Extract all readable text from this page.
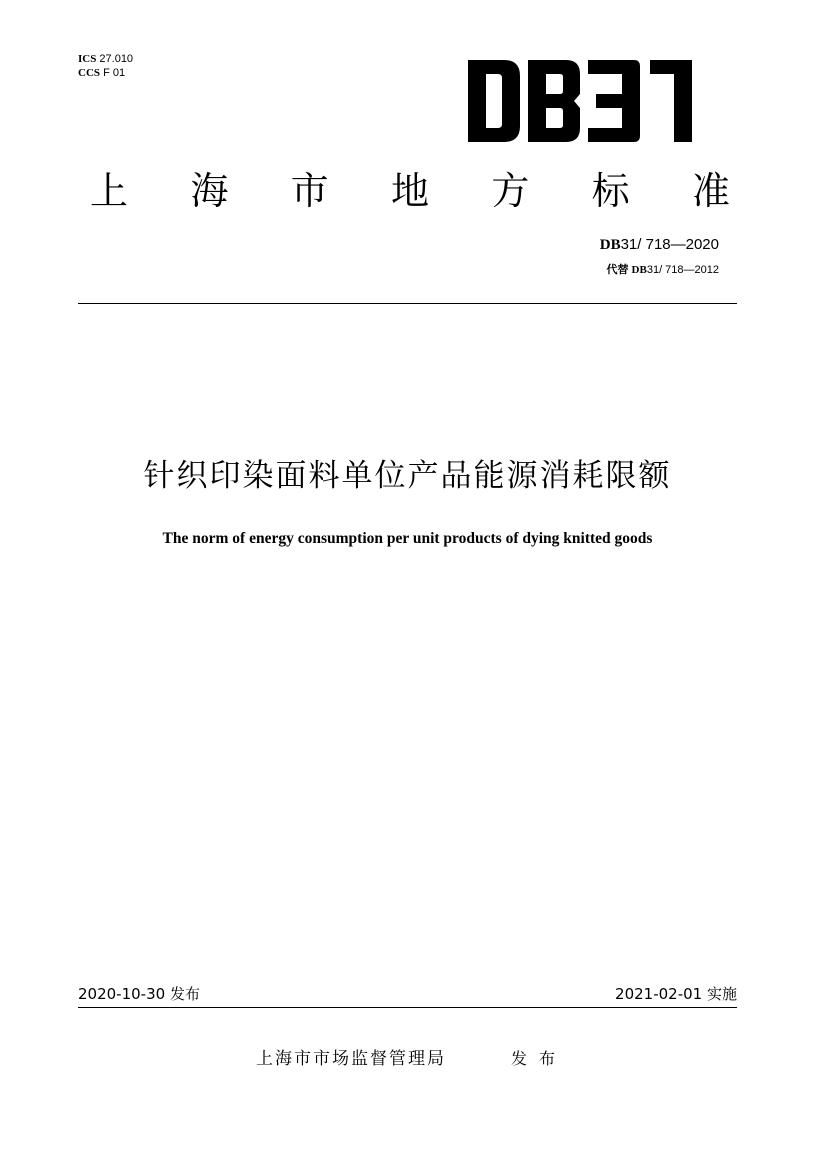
ICS 27.010
CCS F 01
上 海 市 地 方 标 准
DB31/ 718—2020
代替 DB31/ 718—2012
针织印染面料单位产品能源消耗限额
The norm of energy consumption per unit products of dying knitted goods
2020-10-30 发布	2021-02-01 实施
上海市市场监督管理局	发布
